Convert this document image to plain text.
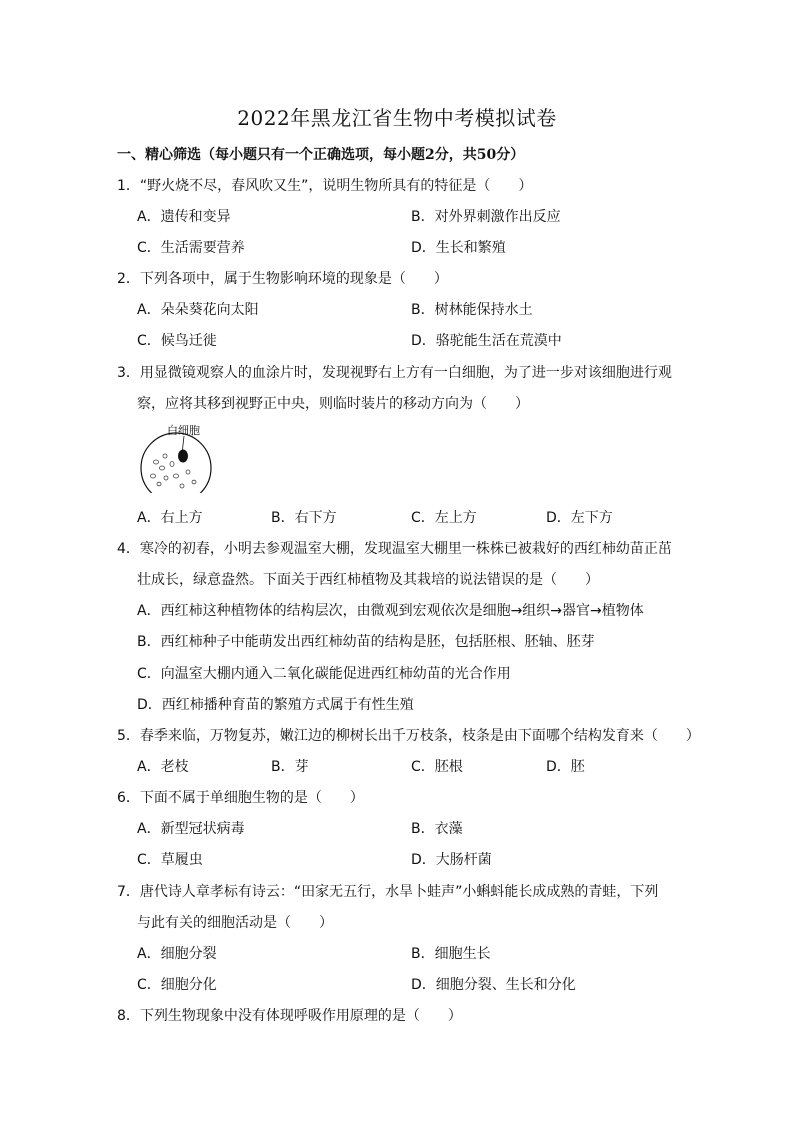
2022年黑龙江省生物中考模拟试卷
一、精心筛选（每小题只有一个正确选项，每小题2分，共50分）
1．“野火烧不尽，春风吹又生”，说明生物所具有的特征是（　　）
A．遗传和变异	B．对外界刺激作出反应
C．生活需要营养	D．生长和繁殖
2．下列各项中，属于生物影响环境的现象是（　　）
A．朵朵葵花向太阳	B．树林能保持水土
C．候鸟迁徙	D．骆驼能生活在荒漠中
3．用显微镜观察人的血涂片时，发现视野右上方有一白细胞，为了进一步对该细胞进行观
察，应将其移到视野正中央，则临时装片的移动方向为（　　）
白细胞
A．右上方	B．右下方	C．左上方	D．左下方
4．寒冷的初春，小明去参观温室大棚，发现温室大棚里一株株已被栽好的西红柿幼苗正茁
壮成长，绿意盎然。下面关于西红柿植物及其栽培的说法错误的是（　　）
A．西红柿这种植物体的结构层次，由微观到宏观依次是细胞→组织→器官→植物体
B．西红柿种子中能萌发出西红柿幼苗的结构是胚，包括胚根、胚轴、胚芽
C．向温室大棚内通入二氧化碳能促进西红柿幼苗的光合作用
D．西红柿播种育苗的繁殖方式属于有性生殖
5．春季来临，万物复苏，嫩江边的柳树长出千万枝条，枝条是由下面哪个结构发育来（　　）
A．老枝	B．芽	C．胚根	D．胚
6．下面不属于单细胞生物的是（　　）
A．新型冠状病毒	B．衣藻
C．草履虫	D．大肠杆菌
7．唐代诗人章孝标有诗云：“田家无五行，水旱卜蛙声”小蝌蚪能长成成熟的青蛙，下列
与此有关的细胞活动是（　　）
A．细胞分裂	B．细胞生长
C．细胞分化	D．细胞分裂、生长和分化
8．下列生物现象中没有体现呼吸作用原理的是（　　）
